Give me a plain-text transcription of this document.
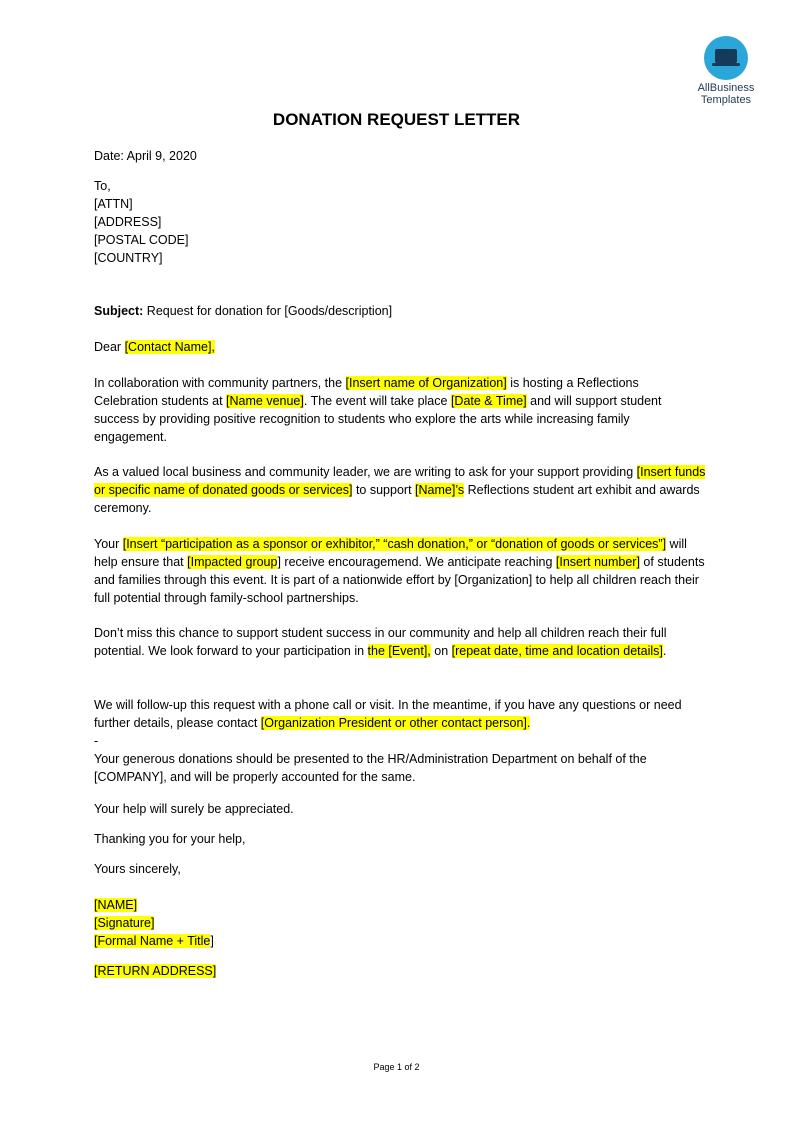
AllBusiness
Templates
DONATION REQUEST LETTER

Date: April 9, 2020

To,

[ATTN]

[ADDRESS]

[POSTAL CODE]

[COUNTRY]

Subject: Request for donation for [Goods/description]

Dear [Contact Name],

In collaboration with community partners, the [Insert name of Organization] is hosting a Reflections Celebration students at [Name venue]. The event will take place [Date & Time] and will support student success by providing positive recognition to students who explore the arts while increasing family engagement.

As a valued local business and community leader, we are writing to ask for your support providing [Insert funds or specific name of donated goods or services] to support [Name]’s Reflections student art exhibit and awards ceremony.

Your [Insert “participation as a sponsor or exhibitor,” “cash donation,” or “donation of goods or services”] will help ensure that [Impacted group] receive encouragemend. We anticipate reaching [Insert number] of students and families through this event. It is part of a nationwide effort by [Organization] to help all children reach their full potential through family-school partnerships.

Don’t miss this chance to support student success in our community and help all children reach their full potential. We look forward to your participation in the [Event], on [repeat date, time and location details].

We will follow-up this request with a phone call or visit. In the meantime, if you have any questions or need further details, please contact [Organization President or other contact person].

-

Your generous donations should be presented to the HR/Administration Department on behalf of the [COMPANY], and will be properly accounted for the same.

Your help will surely be appreciated.

Thanking you for your help,

Yours sincerely,

[NAME]

[Signature]

[Formal Name + Title]

[RETURN ADDRESS]

Page 1 of 2
